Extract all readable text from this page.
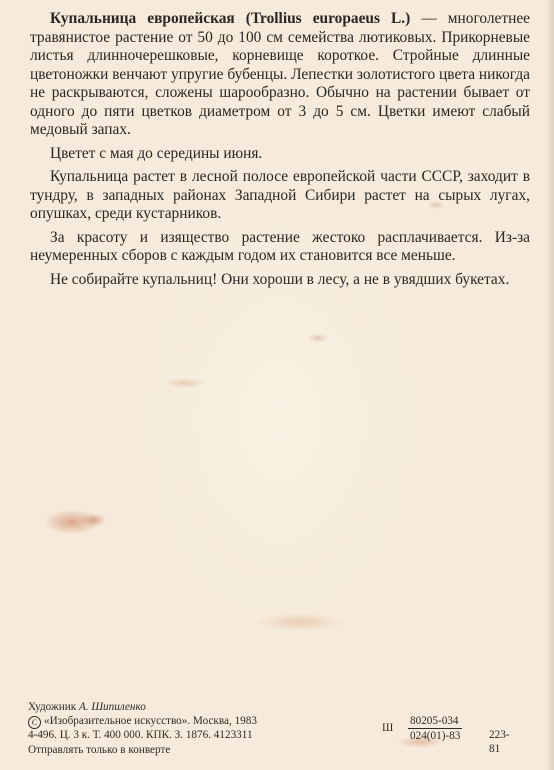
Купальница европейская (Trollius europaeus L.) — многолетнее травянистое растение от 50 до 100 см семейства лютиковых. Прикорневые листья длинночерешковые, корневище короткое. Стройные длинные цветоножки венчают упругие бубенцы. Лепестки золотистого цвета никогда не раскрываются, сложены шарообразно. Обычно на растении бывает от одного до пяти цветков диаметром от 3 до 5 см. Цветки имеют слабый медовый запах.

Цветет с мая до середины июня.

Купальница растет в лесной полосе европейской части СССР, заходит в тундру, в западных районах Западной Сибири растет на сырых лугах, опушках, среди кустарников.

За красоту и изящество растение жестоко расплачивается. Из-за неумеренных сборов с каждым годом их становится все меньше.

Не собирайте купальниц! Они хороши в лесу, а не в увядших букетах.

Художник А. Шипиленко
С «Изобразительное искусство». Москва, 1983
4-496. Ц. 3 к. Т. 400 000. КПК. З. 1876. 4123311
Отправлять только в конверте
Ш $\frac{80205-034}{024(01)-83} 223-81$
